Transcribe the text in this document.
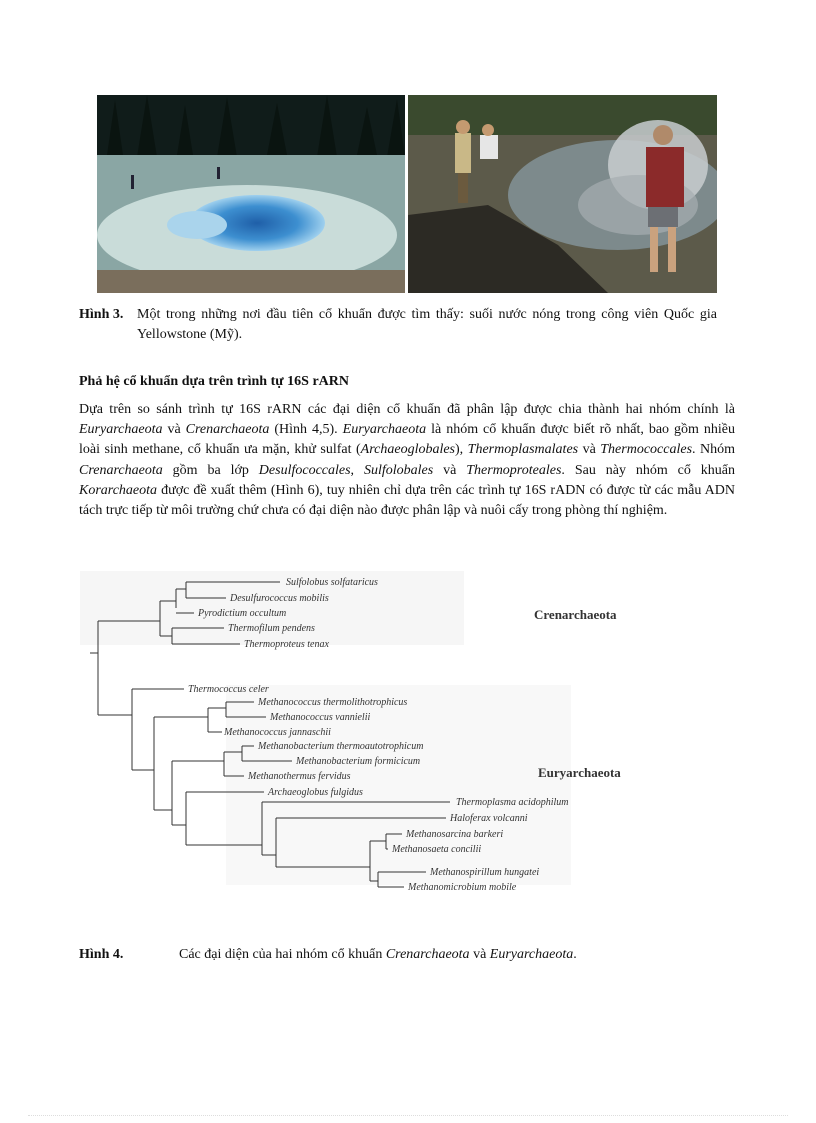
Hình 3. Một trong những nơi đầu tiên cổ khuẩn được tìm thấy: suối nước nóng trong công viên Quốc gia Yellowstone (Mỹ).
Phả hệ cổ khuẩn dựa trên trình tự 16S rARN
Dựa trên so sánh trình tự 16S rARN các đại diện cổ khuẩn đã phân lập được chia thành hai nhóm chính là Euryarchaeota và Crenarchaeota (Hình 4,5). Euryarchaeota là nhóm cổ khuẩn được biết rõ nhất, bao gồm nhiều loài sinh methane, cổ khuẩn ưa mặn, khử sulfat (Archaeoglobales), Thermoplasmalates và Thermococcales. Nhóm Crenarchaeota gồm ba lớp Desulfococcales, Sulfolobales và Thermoproteales. Sau này nhóm cổ khuẩn Korarchaeota được đề xuất thêm (Hình 6), tuy nhiên chỉ dựa trên các trình tự 16S rADN có được từ các mẫu ADN tách trực tiếp từ môi trường chứ chưa có đại diện nào được phân lập và nuôi cấy trong phòng thí nghiệm.
Sulfolobus solfataricus
Desulfurococcus mobilis
Pyrodictium occultum
Thermofilum pendens
Thermoproteus tenax
Thermococcus celer
Methanococcus thermolithotrophicus
Methanococcus vannielii
Methanococcus jannaschii
Methanobacterium thermoautotrophicum
Methanobacterium formicicum
Methanothermus fervidus
Archaeoglobus fulgidus
Thermoplasma acidophilum
Haloferax volcanni
Methanosarcina barkeri
Methanosaeta concilii
Methanospirillum hungatei
Methanomicrobium mobile
Crenarchaeota
Euryarchaeota
Hình 4.	Các đại diện của hai nhóm cổ khuẩn Crenarchaeota và Euryarchaeota.
